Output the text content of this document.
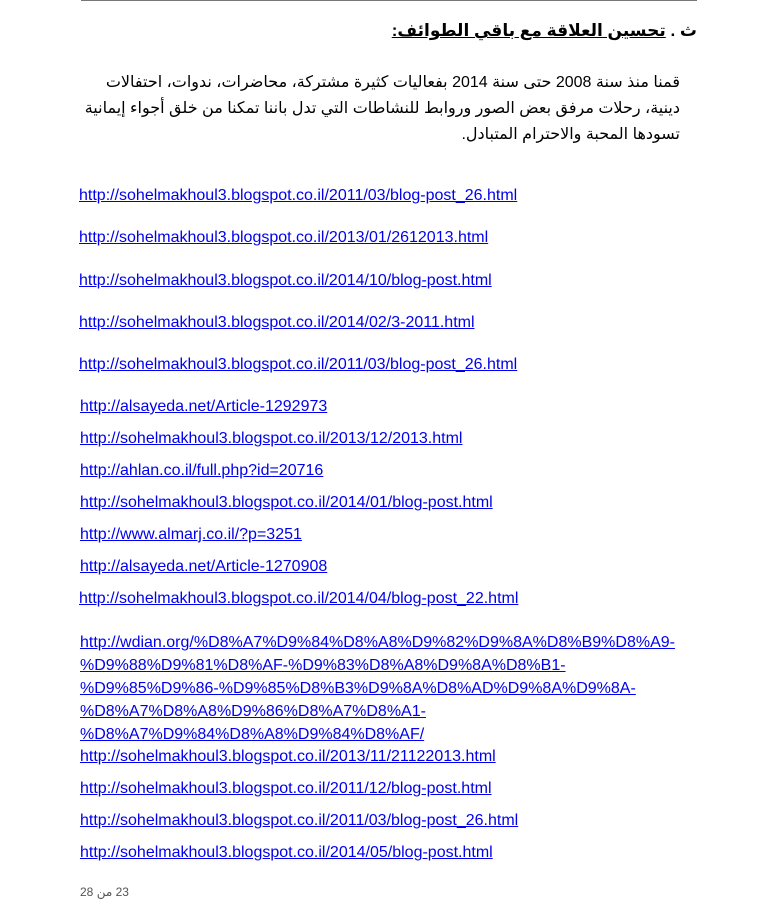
ث . تحسين العلاقة مع باقي الطوائف:
قمنا منذ سنة 2008 حتى سنة 2014 بفعاليات كثيرة مشتركة، محاضرات، ندوات، احتفالات دينية، رحلات مرفق بعض الصور وروابط للنشاطات التي تدل باننا تمكنا من خلق أجواء إيمانية تسودها المحبة والاحترام المتبادل.
http://sohelmakhoul3.blogspot.co.il/2011/03/blog-post_26.html
http://sohelmakhoul3.blogspot.co.il/2013/01/2612013.html
http://sohelmakhoul3.blogspot.co.il/2014/10/blog-post.html
http://sohelmakhoul3.blogspot.co.il/2014/02/3-2011.html
http://sohelmakhoul3.blogspot.co.il/2011/03/blog-post_26.html
http://alsayeda.net/Article-1292973
http://sohelmakhoul3.blogspot.co.il/2013/12/2013.html
http://ahlan.co.il/full.php?id=20716
http://sohelmakhoul3.blogspot.co.il/2014/01/blog-post.html
http://www.almarj.co.il/?p=3251
http://alsayeda.net/Article-1270908
http://sohelmakhoul3.blogspot.co.il/2014/04/blog-post_22.html
http://wdian.org/%D8%A7%D9%84%D8%A8%D9%82%D9%8A%D8%B9%D8%A9-
%D9%88%D9%81%D8%AF-%D9%83%D8%A8%D9%8A%D8%B1-
%D9%85%D9%86-%D9%85%D8%B3%D9%8A%D8%AD%D9%8A%D9%8A-
%D8%A7%D8%A8%D9%86%D8%A7%D8%A1-
%D8%A7%D9%84%D8%A8%D9%84%D8%AF/
http://sohelmakhoul3.blogspot.co.il/2013/11/21122013.html
http://sohelmakhoul3.blogspot.co.il/2011/12/blog-post.html
http://sohelmakhoul3.blogspot.co.il/2011/03/blog-post_26.html
http://sohelmakhoul3.blogspot.co.il/2014/05/blog-post.html
23 من 28
